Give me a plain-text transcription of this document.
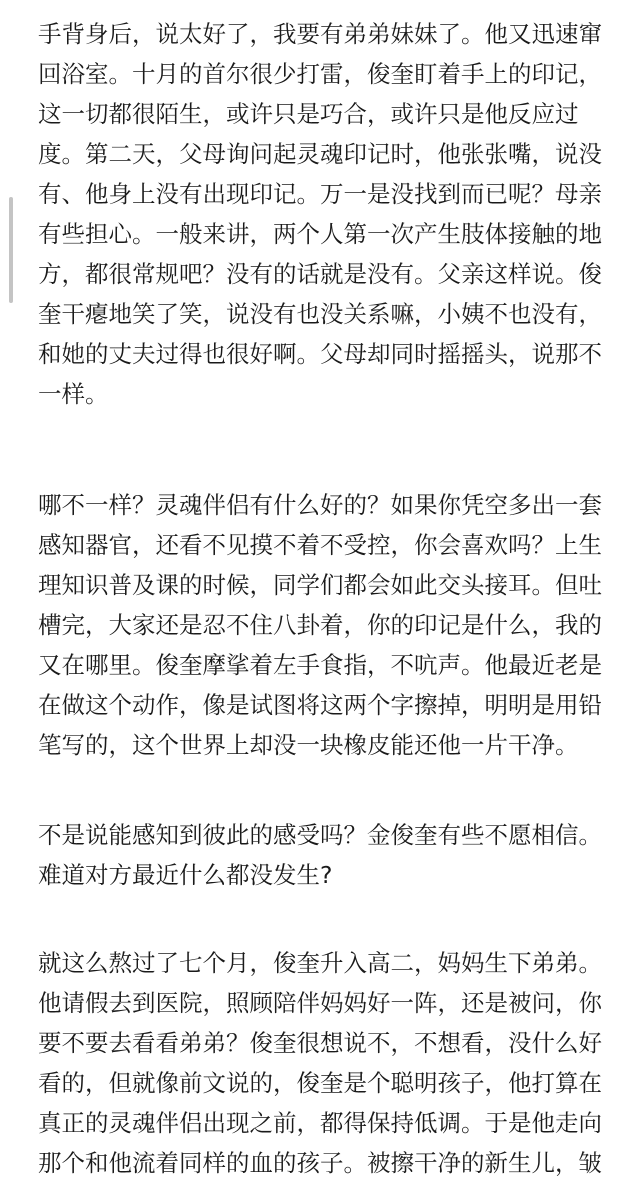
手背身后，说太好了，我要有弟弟妹妹了。他又迅速窜
回浴室。十月的首尔很少打雷，俊奎盯着手上的印记，
这一切都很陌生，或许只是巧合，或许只是他反应过
度。第二天，父母询问起灵魂印记时，他张张嘴，说没
有、他身上没有出现印记。万一是没找到而已呢？母亲
有些担心。一般来讲，两个人第一次产生肢体接触的地
方，都很常规吧？没有的话就是没有。父亲这样说。俊
奎干瘪地笑了笑，说没有也没关系嘛，小姨不也没有，
和她的丈夫过得也很好啊。父母却同时摇摇头，说那不
一样。
哪不一样？灵魂伴侣有什么好的？如果你凭空多出一套
感知器官，还看不见摸不着不受控，你会喜欢吗？上生
理知识普及课的时候，同学们都会如此交头接耳。但吐
槽完，大家还是忍不住八卦着，你的印记是什么，我的
又在哪里。俊奎摩挲着左手食指，不吭声。他最近老是
在做这个动作，像是试图将这两个字擦掉，明明是用铅
笔写的，这个世界上却没一块橡皮能还他一片干净。
不是说能感知到彼此的感受吗？金俊奎有些不愿相信。
难道对方最近什么都没发生?
就这么熬过了七个月，俊奎升入高二，妈妈生下弟弟。
他请假去到医院，照顾陪伴妈妈好一阵，还是被问，你
要不要去看看弟弟？俊奎很想说不，不想看，没什么好
看的，但就像前文说的，俊奎是个聪明孩子，他打算在
真正的灵魂伴侣出现之前，都得保持低调。于是他走向
那个和他流着同样的血的孩子。被擦干净的新生儿，皱
